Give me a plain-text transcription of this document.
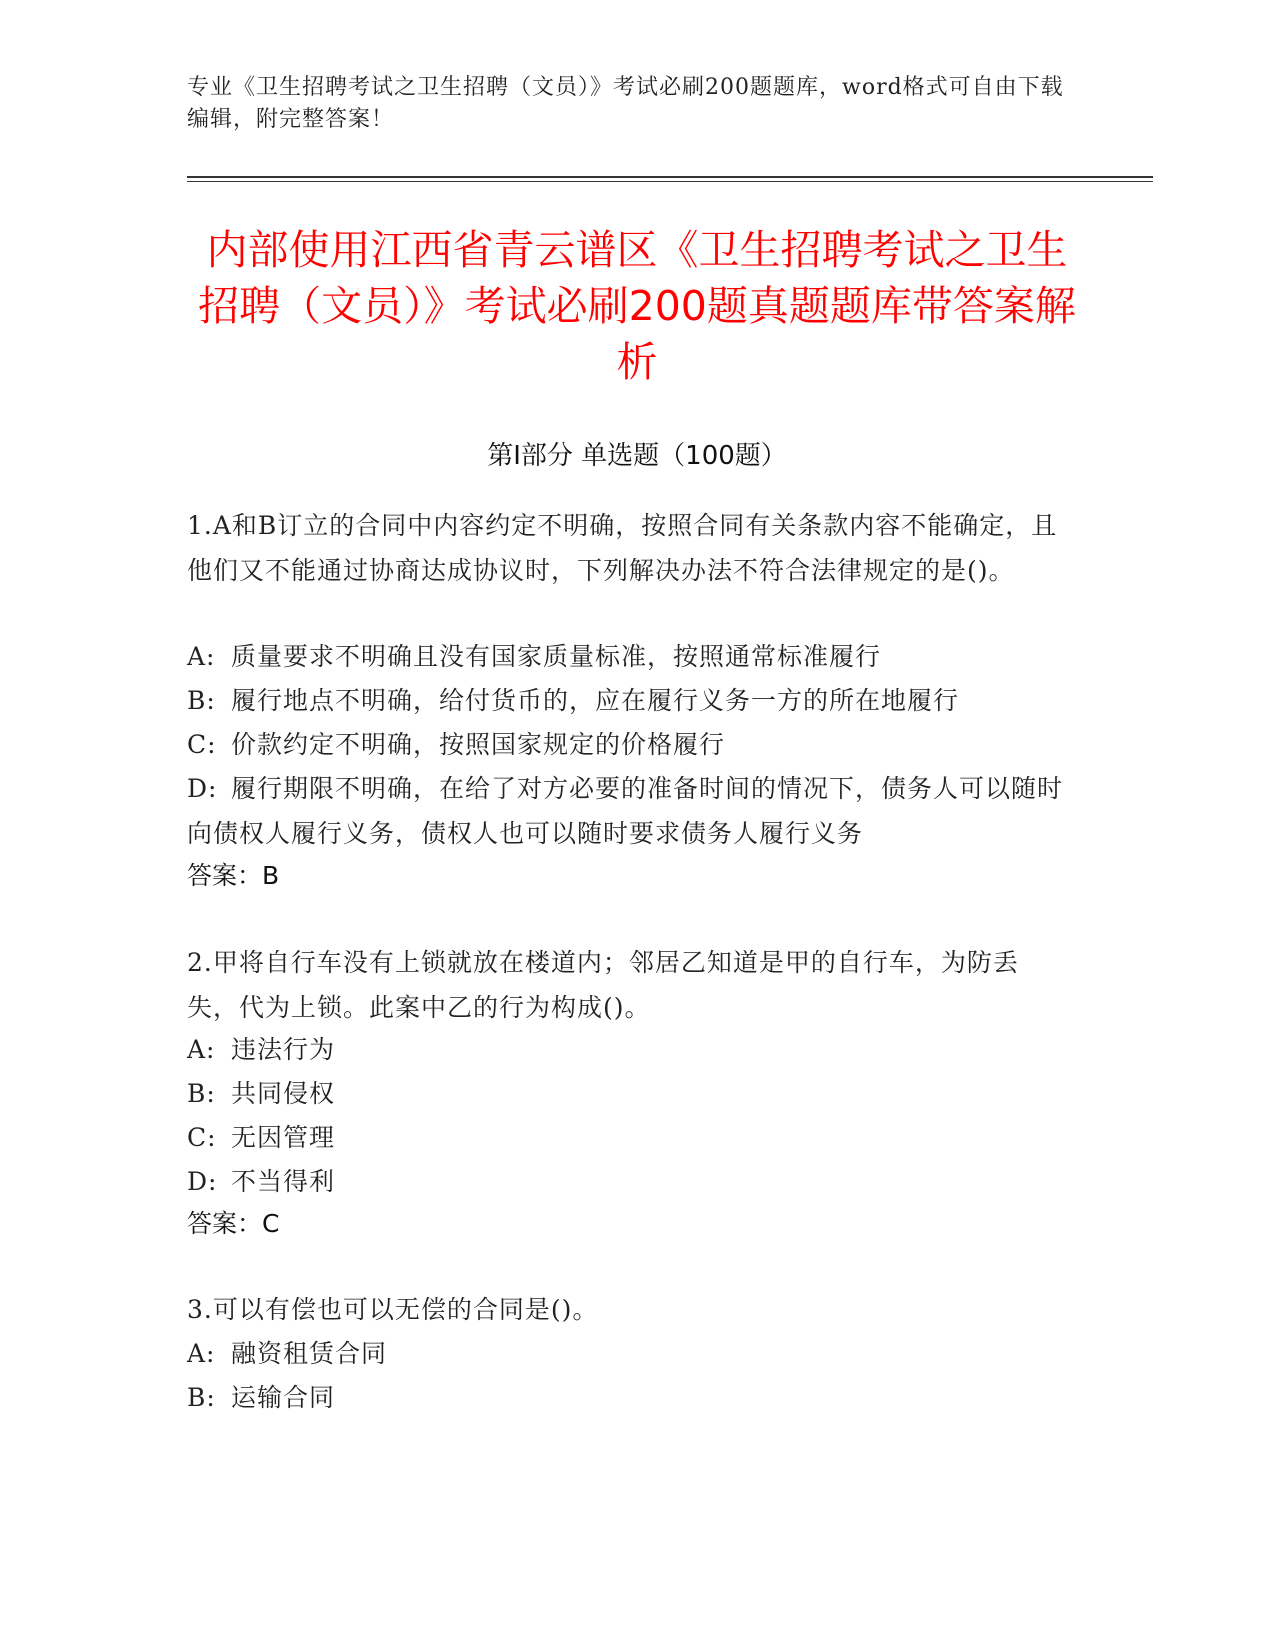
专业《卫生招聘考试之卫生招聘（文员）》考试必刷200题题库，word格式可自由下载编辑，附完整答案！
内部使用江西省青云谱区《卫生招聘考试之卫生招聘（文员）》考试必刷200题真题题库带答案解析
第I部分 单选题（100题）
1.A和B订立的合同中内容约定不明确，按照合同有关条款内容不能确定，且他们又不能通过协商达成协议时，下列解决办法不符合法律规定的是()。
A: 质量要求不明确且没有国家质量标准，按照通常标准履行
B: 履行地点不明确，给付货币的，应在履行义务一方的所在地履行
C: 价款约定不明确，按照国家规定的价格履行
D: 履行期限不明确，在给了对方必要的准备时间的情况下，债务人可以随时向债权人履行义务，债权人也可以随时要求债务人履行义务
答案：B
2.甲将自行车没有上锁就放在楼道内；邻居乙知道是甲的自行车，为防丢失，代为上锁。此案中乙的行为构成()。
A: 违法行为
B: 共同侵权
C: 无因管理
D: 不当得利
答案：C
3.可以有偿也可以无偿的合同是()。
A: 融资租赁合同
B: 运输合同
